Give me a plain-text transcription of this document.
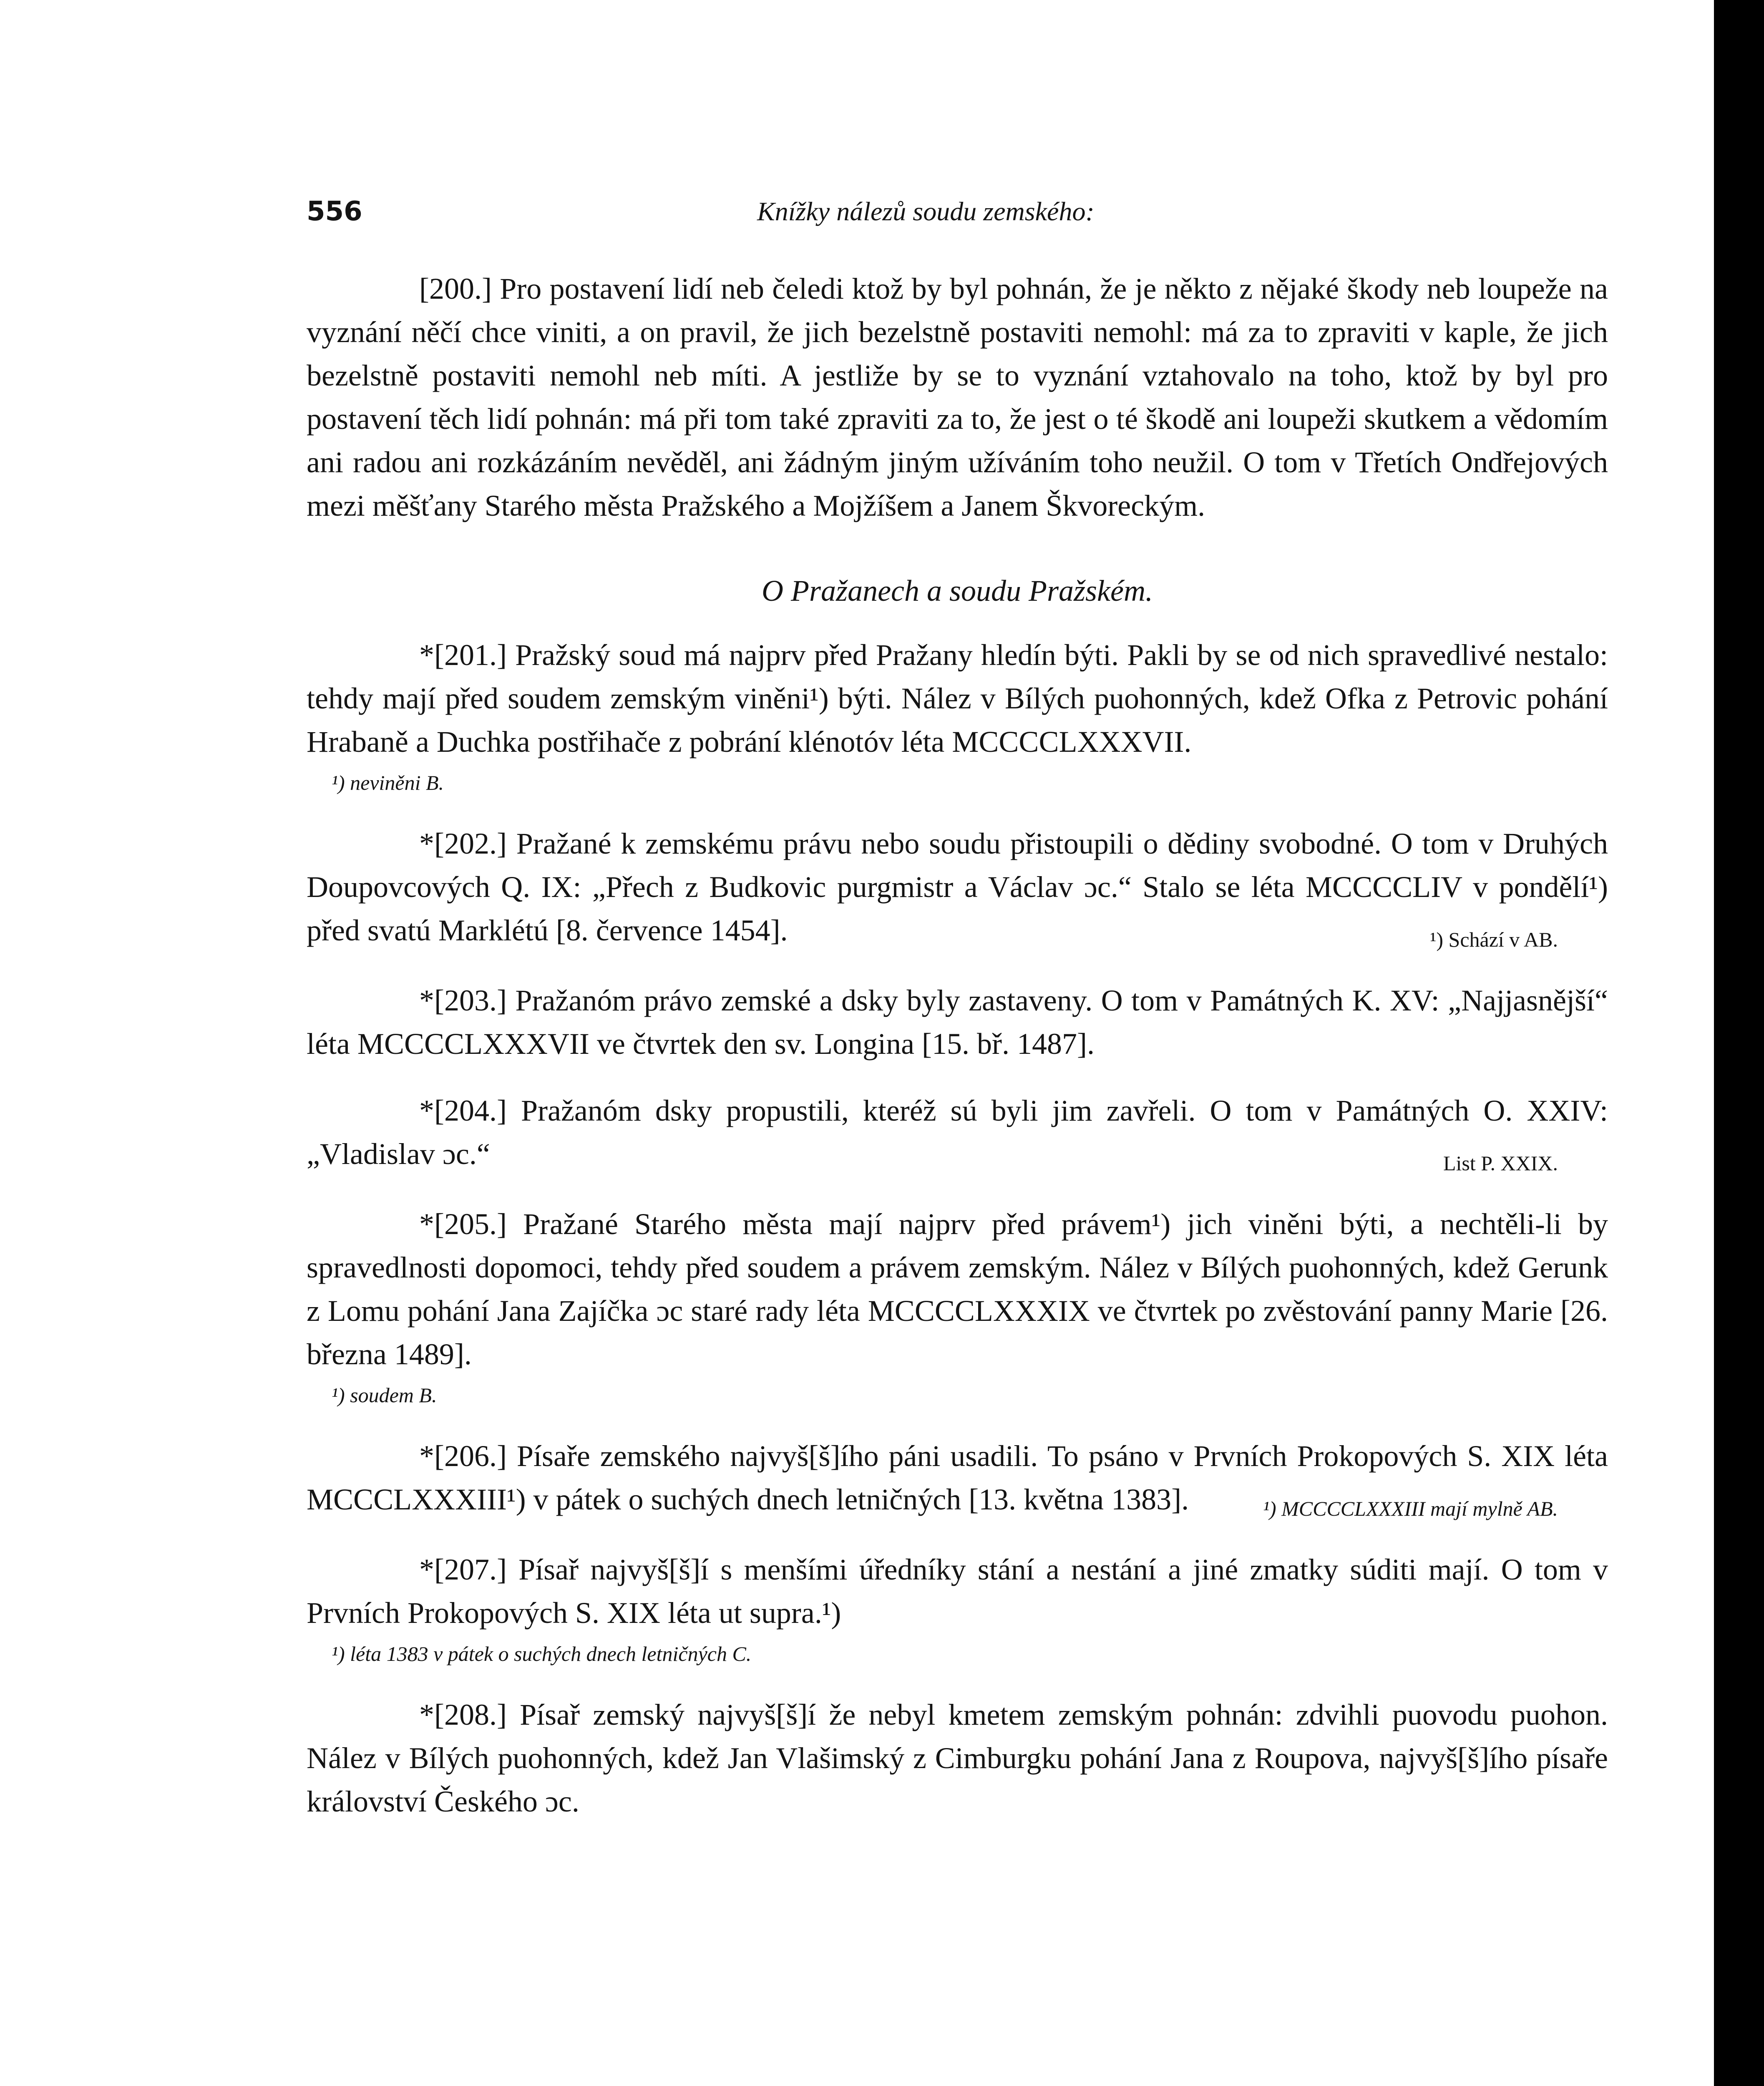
556	Knížky nálezů soudu zemského:

[200.] Pro postavení lidí neb čeledi ktož by byl pohnán, že je někto z nějaké škody neb loupeže na vyznání něčí chce viniti, a on pravil, že jich bezelstně postaviti nemohl: má za to zpraviti v kaple, že jich bezelstně postaviti nemohl neb míti. A jestliže by se to vyznání vztahovalo na toho, ktož by byl pro postavení těch lidí pohnán: má při tom také zpraviti za to, že jest o té škodě ani loupeži skutkem a vědomím ani radou ani rozkázáním nevěděl, ani žádným jiným užíváním toho neužil. O tom v Třetích Ondřejových mezi měšťany Starého města Pražského a Mojžíšem a Janem Škvoreckým.

O Pražanech a soudu Pražském.

*[201.] Pražský soud má najprv před Pražany hledín býti. Pakli by se od nich spravedlivé nestalo: tehdy mají před soudem zemským viněni¹) býti. Nález v Bílých puohonných, kdež Ofka z Petrovic pohání Hrabaně a Duchka postřihače z pobrání klénotóv léta MCCCCLXXXVII.

¹) neviněni B.

*[202.] Pražané k zemskému právu nebo soudu přistoupili o dědiny svobodné. O tom v Druhých Doupovcových Q. IX: „Přech z Budkovic purgmistr a Václav ɔc.“ Stalo se léta MCCCCLIV v pondělí¹) před svatú Marklétú [8. července 1454].	¹) Schází v AB.

*[203.] Pražanóm právo zemské a dsky byly zastaveny. O tom v Památných K. XV: „Najjasnější“ léta MCCCCLXXXVII ve čtvrtek den sv. Longina [15. bř. 1487].

*[204.] Pražanóm dsky propustili, kteréž sú byli jim zavřeli. O tom v Památných O. XXIV: „Vladislav ɔc.“	List P. XXIX.

*[205.] Pražané Starého města mají najprv před právem¹) jich viněni býti, a nechtěli-li by spravedlnosti dopomoci, tehdy před soudem a právem zemským. Nález v Bílých puohonných, kdež Gerunk z Lomu pohání Jana Zajíčka ɔc staré rady léta MCCCCLXXXIX ve čtvrtek po zvěstování panny Marie [26. března 1489].

¹) soudem B.

*[206.] Písaře zemského najvyš[š]ího páni usadili. To psáno v Prvních Prokopových S. XIX léta MCCCLXXXIII¹) v pátek o suchých dnech letničných [13. května 1383].	¹) MCCCCLXXXIII mají mylně AB.

*[207.] Písař najvyš[š]í s menšími úředníky stání a nestání a jiné zmatky súditi mají. O tom v Prvních Prokopových S. XIX léta ut supra.¹)

¹) léta 1383 v pátek o suchých dnech letničných C.

*[208.] Písař zemský najvyš[š]í že nebyl kmetem zemským pohnán: zdvihli puovodu puohon. Nález v Bílých puohonných, kdež Jan Vlašimský z Cimburgku pohání Jana z Roupova, najvyš[š]ího písaře království Českého ɔc.
